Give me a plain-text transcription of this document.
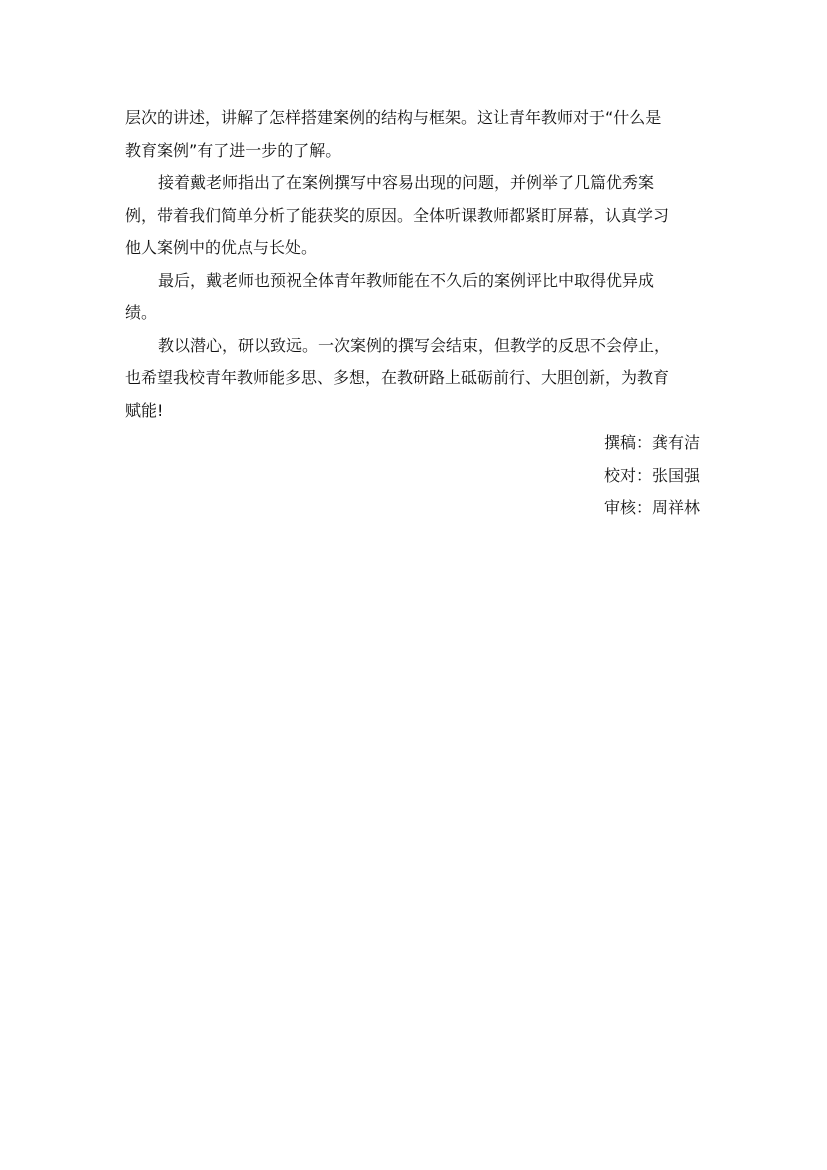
层次的讲述，讲解了怎样搭建案例的结构与框架。这让青年教师对于“什么是
教育案例”有了进一步的了解。
接着戴老师指出了在案例撰写中容易出现的问题，并例举了几篇优秀案
例，带着我们简单分析了能获奖的原因。全体听课教师都紧盯屏幕，认真学习
他人案例中的优点与长处。
最后，戴老师也预祝全体青年教师能在不久后的案例评比中取得优异成
绩。
教以潜心，研以致远。一次案例的撰写会结束，但教学的反思不会停止，
也希望我校青年教师能多思、多想，在教研路上砥砺前行、大胆创新，为教育
赋能!
撰稿：龚有洁
校对：张国强
审核：周祥林
